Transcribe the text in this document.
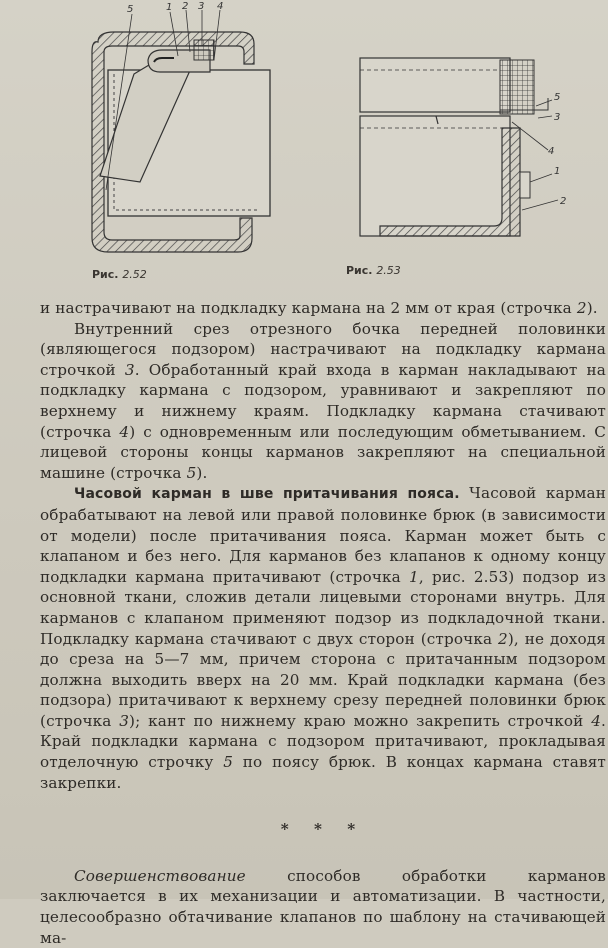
5	1 2 3 4
Рис. 2.52
5
3
4
1
2
Рис. 2.53

и настрачивают на подкладку кармана на 2 мм от края (строчка 2).

Внутренний срез отрезного бочка передней половинки (являющегося подзором) настрачивают на подкладку кармана строчкой 3. Обработанный край входа в карман накладывают на подкладку кармана с подзором, уравнивают и закрепляют по верхнему и нижнему краям. Подкладку кармана стачивают (строчка 4) с одновременным или последующим обметыванием. С лицевой стороны концы карманов закрепляют на специальной машине (строчка 5).

Часовой карман в шве притачивания пояса. Часовой карман обрабатывают на левой или правой половинке брюк (в зависимости от модели) после притачивания пояса. Карман может быть с клапаном и без него. Для карманов без клапанов к одному концу подкладки кармана притачивают (строчка 1, рис. 2.53) подзор из основной ткани, сложив детали лицевыми сторонами внутрь. Для карманов с клапаном применяют подзор из подкладочной ткани. Подкладку кармана стачивают с двух сторон (строчка 2), не доходя до среза на 5—7 мм, причем сторона с притачанным подзором должна выходить вверх на 20 мм. Край подкладки кармана (без подзора) притачивают к верхнему срезу передней половинки брюк (строчка 3); кант по нижнему краю можно закрепить строчкой 4. Край подкладки кармана с подзором притачивают, прокладывая отделочную строчку 5 по поясу брюк. В концах кармана ставят закрепки.

* * *

Совершенствование способов обработки карманов заключается в их механизации и автоматизации. В частности, целесообразно обтачивание клапанов по шаблону на стачивающей ма-
